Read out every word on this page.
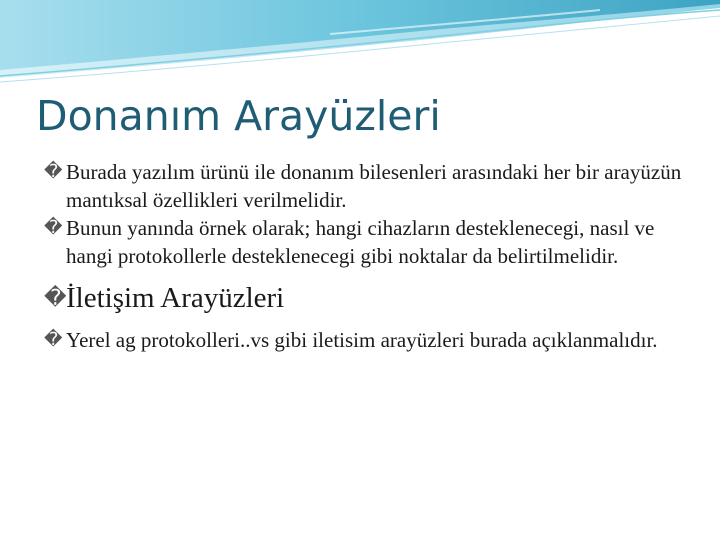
Donanım Arayüzleri
� Burada yazılım ürünü ile donanım bilesenleri arasındaki her bir arayüzün mantıksal özellikleri verilmelidir.
� Bunun yanında örnek olarak; hangi cihazların desteklenecegi, nasıl ve hangi protokollerle desteklenecegi gibi noktalar da belirtilmelidir.
� İletişim Arayüzleri
� Yerel ag protokolleri..vs gibi iletisim arayüzleri burada açıklanmalıdır.
